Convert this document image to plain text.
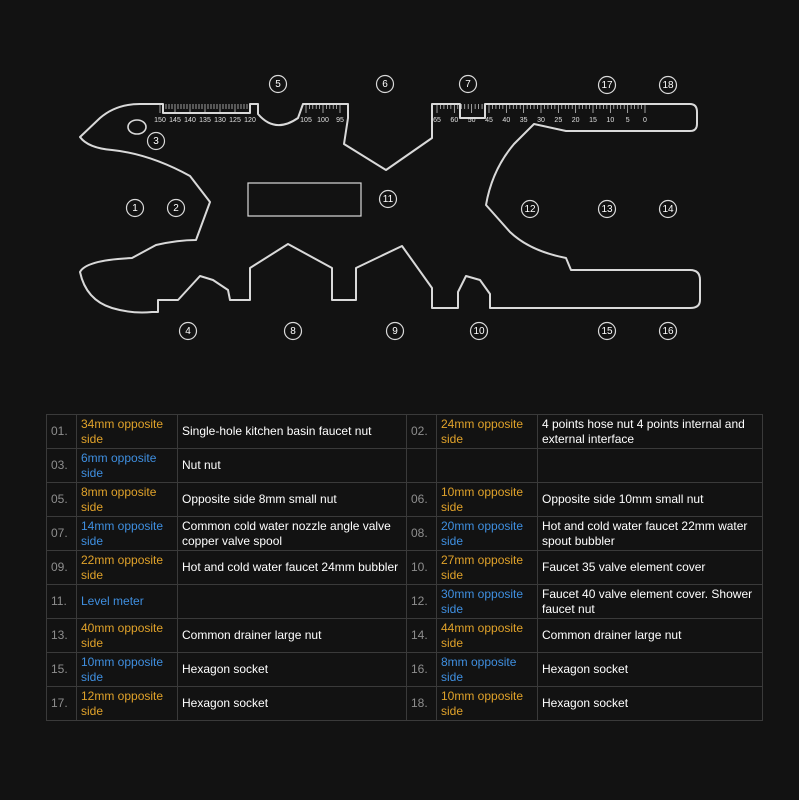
150 145 140 135 130 125 120	105 100 95	65 60 50 45 40 35 30 25 20 15 10 5 0
1	2
3
4
5	6	7
8	9	10
11
12	13	14
15	16
17	18
01.	34mm opposite side	Single-hole kitchen basin faucet nut	02.	24mm opposite side	4 points hose nut 4 points internal and external interface
03.	6mm opposite side	Nut nut			
05.	8mm opposite side	Opposite side 8mm small nut	06.	10mm opposite side	Opposite side 10mm small nut
07.	14mm opposite side	Common cold water nozzle angle valve copper valve spool	08.	20mm opposite side	Hot and cold water faucet 22mm water spout bubbler
09.	22mm opposite side	Hot and cold water faucet 24mm bubbler	10.	27mm opposite side	Faucet 35 valve element cover
11.	Level meter		12.	30mm opposite side	Faucet 40 valve element cover. Shower faucet nut
13.	40mm opposite side	Common drainer large nut	14.	44mm opposite side	Common drainer large nut
15.	10mm opposite side	Hexagon socket	16.	8mm opposite side	Hexagon socket
17.	12mm opposite side	Hexagon socket	18.	10mm opposite side	Hexagon socket
